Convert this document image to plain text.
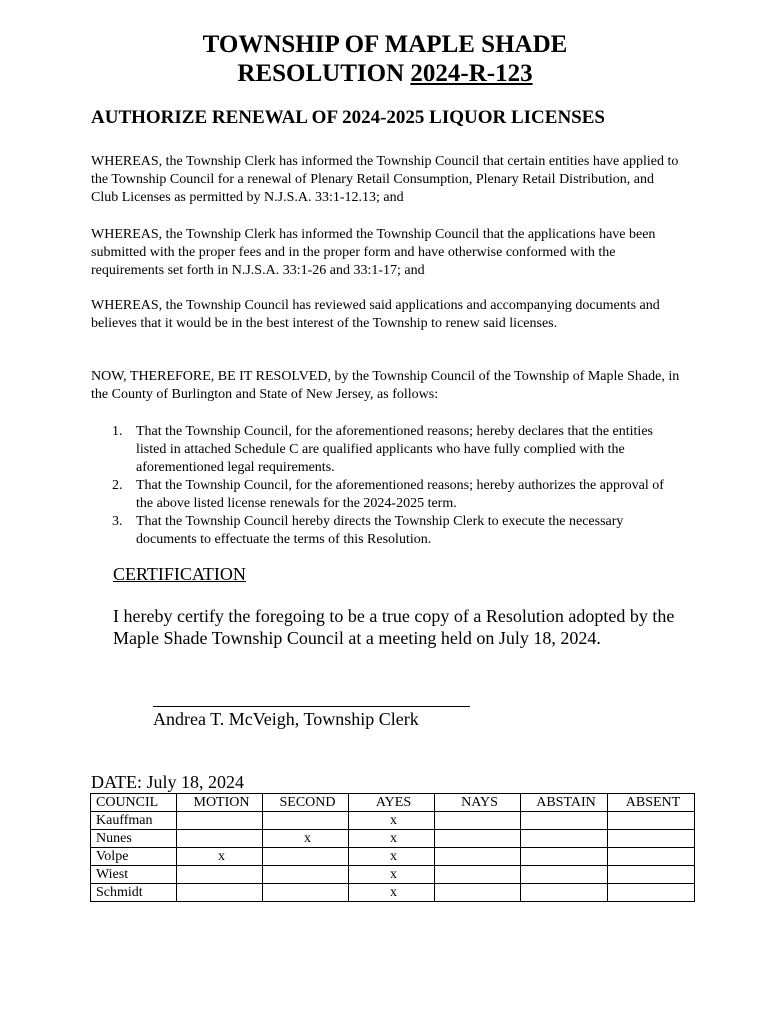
TOWNSHIP OF MAPLE SHADE
RESOLUTION 2024-R-123
AUTHORIZE RENEWAL OF 2024-2025 LIQUOR LICENSES

WHEREAS, the Township Clerk has informed the Township Council that certain entities have applied to the Township Council for a renewal of Plenary Retail Consumption, Plenary Retail Distribution, and Club Licenses as permitted by N.J.S.A. 33:1-12.13; and

WHEREAS, the Township Clerk has informed the Township Council that the applications have been submitted with the proper fees and in the proper form and have otherwise conformed with the requirements set forth in N.J.S.A. 33:1-26 and 33:1-17; and

WHEREAS, the Township Council has reviewed said applications and accompanying documents and believes that it would be in the best interest of the Township to renew said licenses.

NOW, THEREFORE, BE IT RESOLVED, by the Township Council of the Township of Maple Shade, in the County of Burlington and State of New Jersey, as follows:

1. That the Township Council, for the aforementioned reasons; hereby declares that the entities listed in attached Schedule C are qualified applicants who have fully complied with the aforementioned legal requirements.
2. That the Township Council, for the aforementioned reasons; hereby authorizes the approval of the above listed license renewals for the 2024-2025 term.
3. That the Township Council hereby directs the Township Clerk to execute the necessary documents to effectuate the terms of this Resolution.
CERTIFICATION

I hereby certify the foregoing to be a true copy of a Resolution adopted by the Maple Shade Township Council at a meeting held on July 18, 2024.

Andrea T. McVeigh, Township Clerk
DATE: July 18, 2024
COUNCIL	MOTION	SECOND	AYES	NAYS	ABSTAIN	ABSENT
Kauffman			x			
Nunes		x	x			
Volpe	x		x			
Wiest			x			
Schmidt			x			
